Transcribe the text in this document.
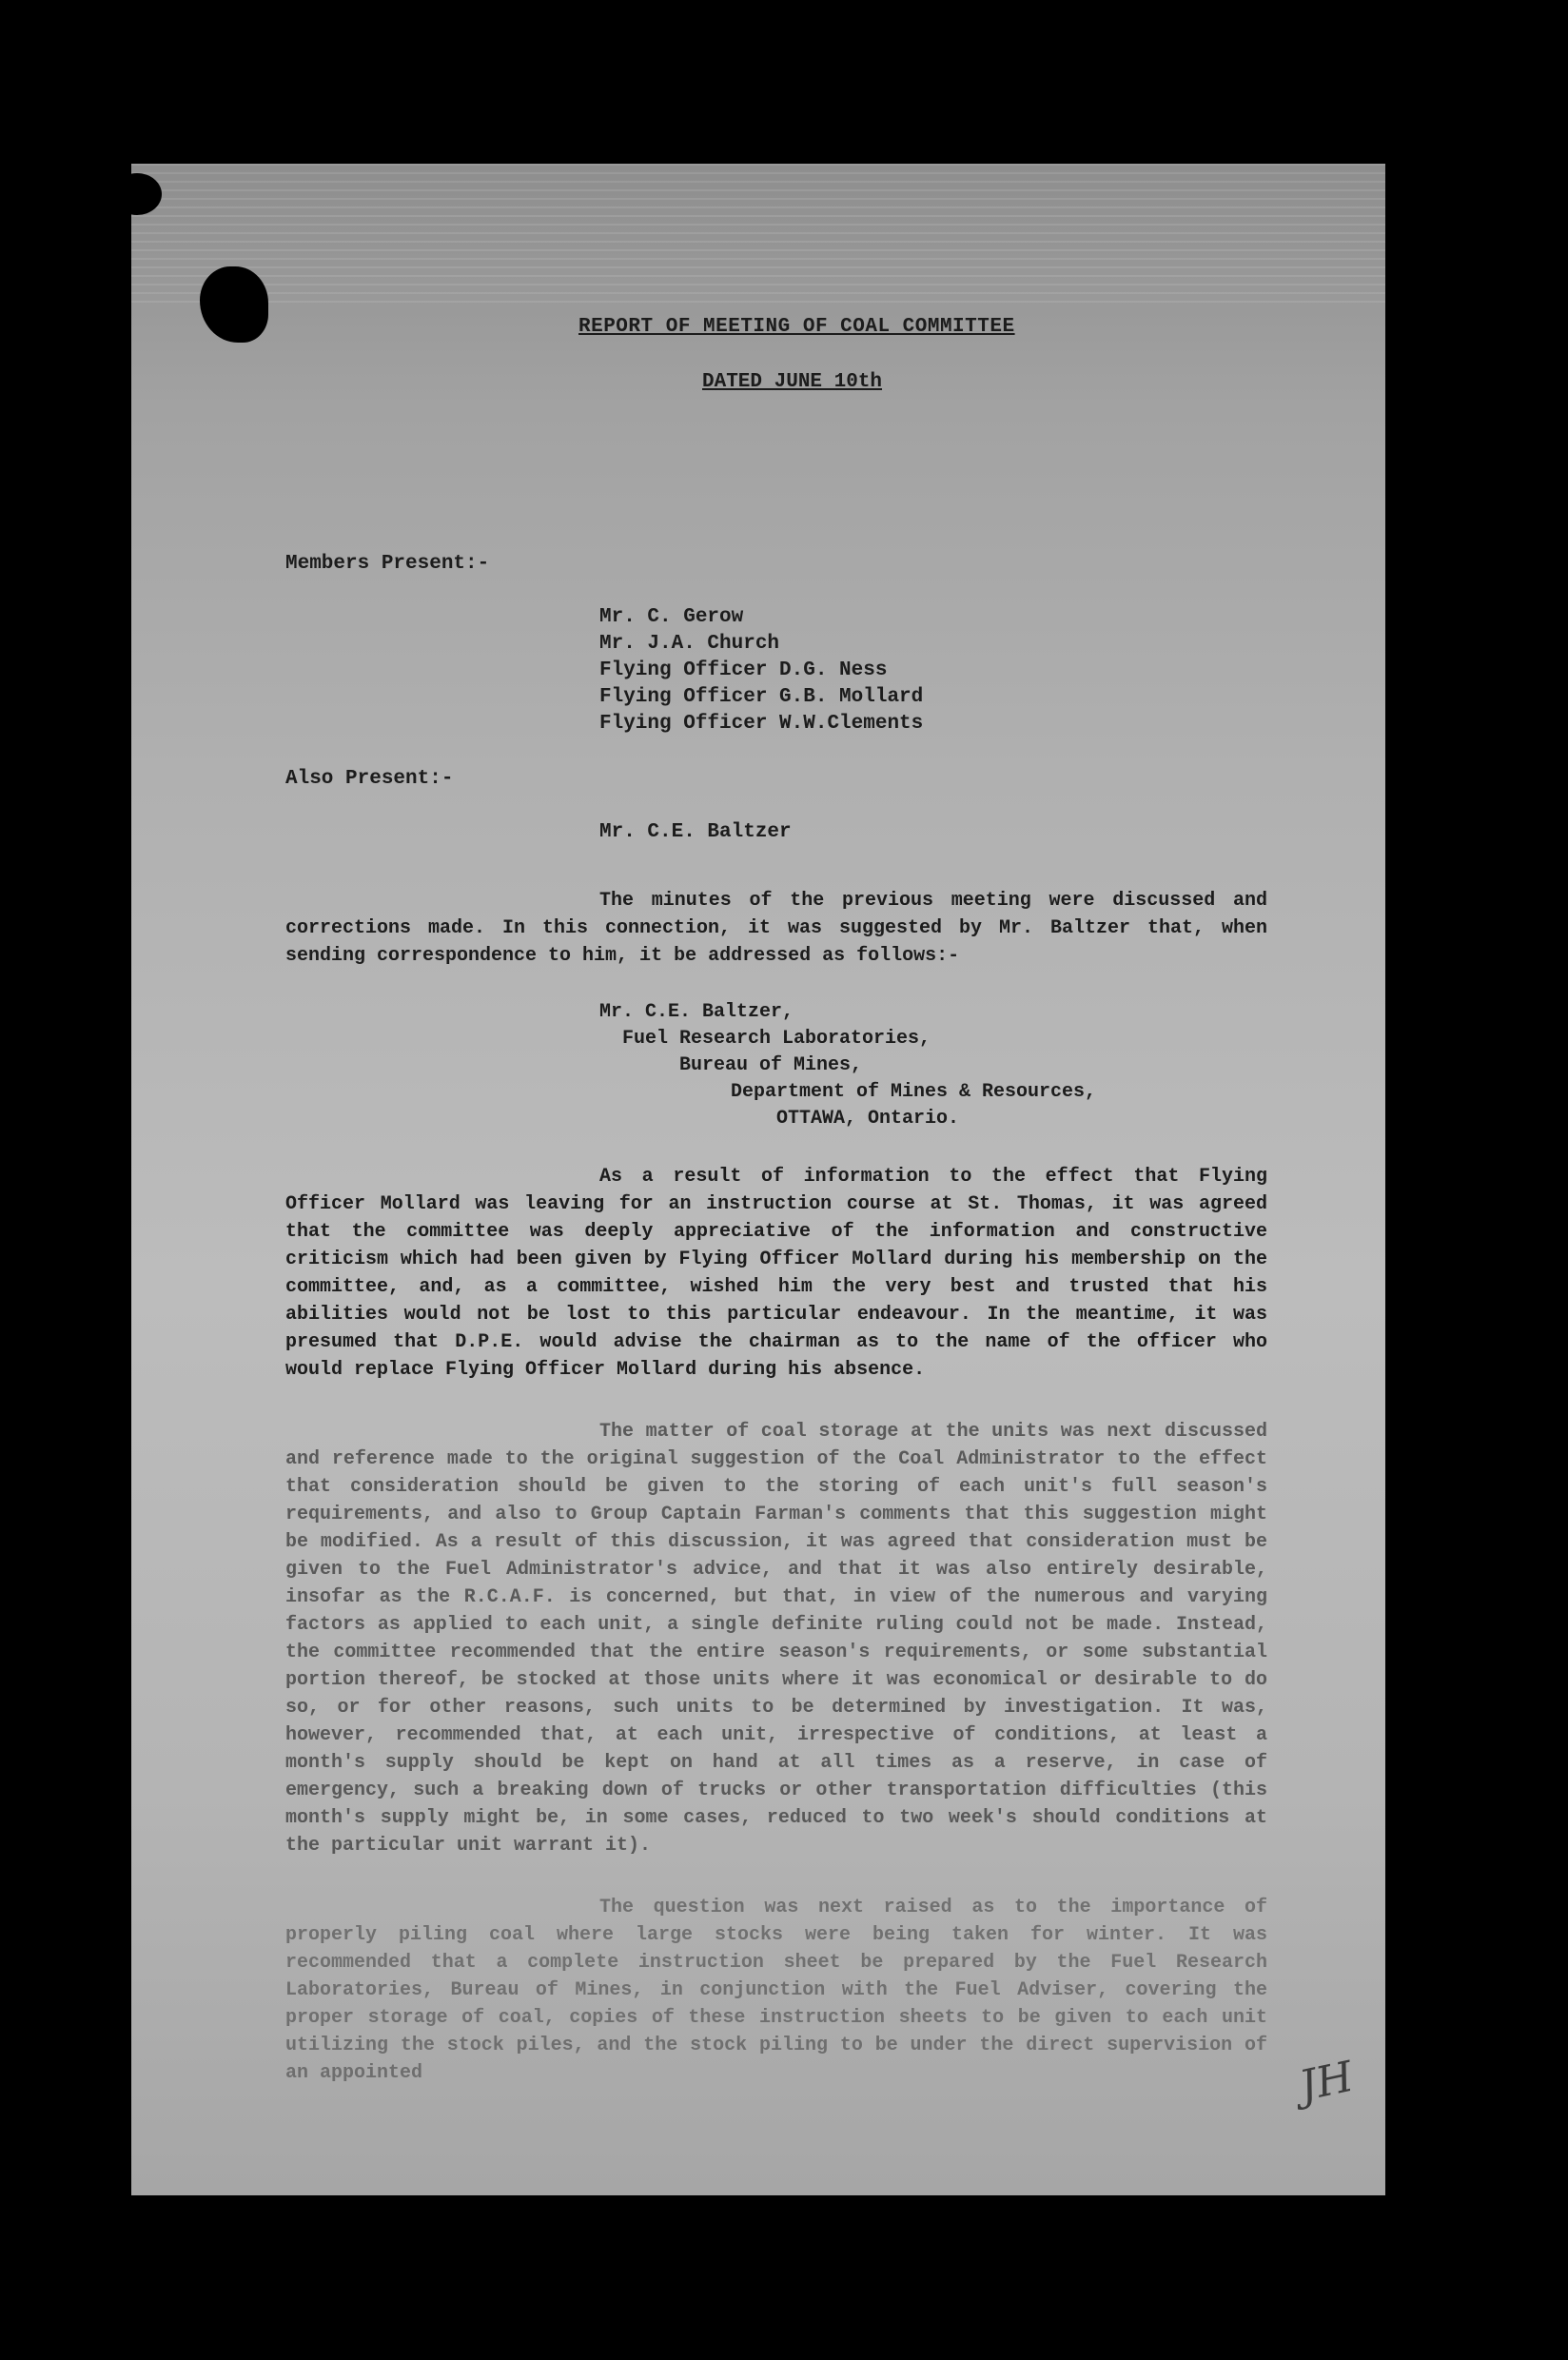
REPORT OF MEETING OF COAL COMMITTEE
DATED JUNE 10th
Members Present:-
Mr. C. Gerow
Mr. J.A. Church
Flying Officer D.G. Ness
Flying Officer G.B. Mollard
Flying Officer W.W.Clements
Also Present:-
Mr. C.E. Baltzer

The minutes of the previous meeting were discussed and corrections made. In this connection, it was suggested by Mr. Baltzer that, when sending correspondence to him, it be addressed as follows:-

Mr. C.E. Baltzer,
Fuel Research Laboratories,
Bureau of Mines,
Department of Mines & Resources,
OTTAWA, Ontario.

As a result of information to the effect that Flying Officer Mollard was leaving for an instruction course at St. Thomas, it was agreed that the committee was deeply appreciative of the information and constructive criticism which had been given by Flying Officer Mollard during his membership on the committee, and, as a committee, wished him the very best and trusted that his abilities would not be lost to this particular endeavour. In the meantime, it was presumed that D.P.E. would advise the chairman as to the name of the officer who would replace Flying Officer Mollard during his absence.

The matter of coal storage at the units was next discussed and reference made to the original suggestion of the Coal Administrator to the effect that consideration should be given to the storing of each unit's full season's requirements, and also to Group Captain Farman's comments that this suggestion might be modified. As a result of this discussion, it was agreed that consideration must be given to the Fuel Administrator's advice, and that it was also entirely desirable, insofar as the R.C.A.F. is concerned, but that, in view of the numerous and varying factors as applied to each unit, a single definite ruling could not be made. Instead, the committee recommended that the entire season's requirements, or some substantial portion thereof, be stocked at those units where it was economical or desirable to do so, or for other reasons, such units to be determined by investigation. It was, however, recommended that, at each unit, irrespective of conditions, at least a month's supply should be kept on hand at all times as a reserve, in case of emergency, such a breaking down of trucks or other transportation difficulties (this month's supply might be, in some cases, reduced to two week's should conditions at the particular unit warrant it).

The question was next raised as to the importance of properly piling coal where large stocks were being taken for winter. It was recommended that a complete instruction sheet be prepared by the Fuel Research Laboratories, Bureau of Mines, in conjunction with the Fuel Adviser, covering the proper storage of coal, copies of these instruction sheets to be given to each unit utilizing the stock piles, and the stock piling to be under the direct supervision of an appointed	JH
